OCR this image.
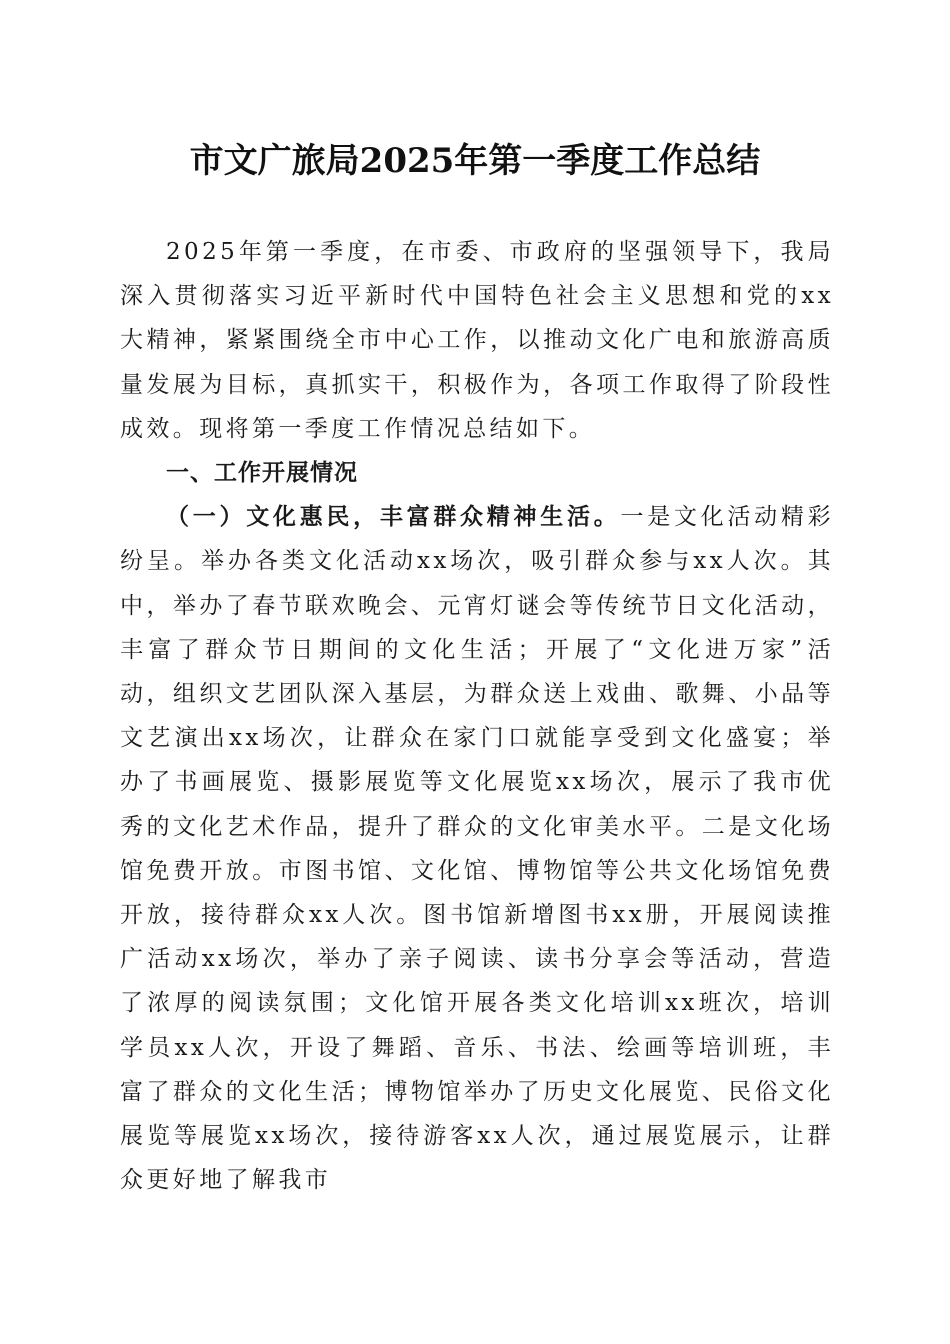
市文广旅局2025年第一季度工作总结

2025年第一季度，在市委、市政府的坚强领导下，我局深入贯彻落实习近平新时代中国特色社会主义思想和党的xx大精神，紧紧围绕全市中心工作，以推动文化广电和旅游高质量发展为目标，真抓实干，积极作为，各项工作取得了阶段性成效。现将第一季度工作情况总结如下。

一、工作开展情况

（一）文化惠民，丰富群众精神生活。一是文化活动精彩纷呈。举办各类文化活动xx场次，吸引群众参与xx人次。其中，举办了春节联欢晚会、元宵灯谜会等传统节日文化活动，丰富了群众节日期间的文化生活；开展了“文化进万家”活动，组织文艺团队深入基层，为群众送上戏曲、歌舞、小品等文艺演出xx场次，让群众在家门口就能享受到文化盛宴；举办了书画展览、摄影展览等文化展览xx场次，展示了我市优秀的文化艺术作品，提升了群众的文化审美水平。二是文化场馆免费开放。市图书馆、文化馆、博物馆等公共文化场馆免费开放，接待群众xx人次。图书馆新增图书xx册，开展阅读推广活动xx场次，举办了亲子阅读、读书分享会等活动，营造了浓厚的阅读氛围；文化馆开展各类文化培训xx班次，培训学员xx人次，开设了舞蹈、音乐、书法、绘画等培训班，丰富了群众的文化生活；博物馆举办了历史文化展览、民俗文化展览等展览xx场次，接待游客xx人次，通过展览展示，让群众更好地了解我市
